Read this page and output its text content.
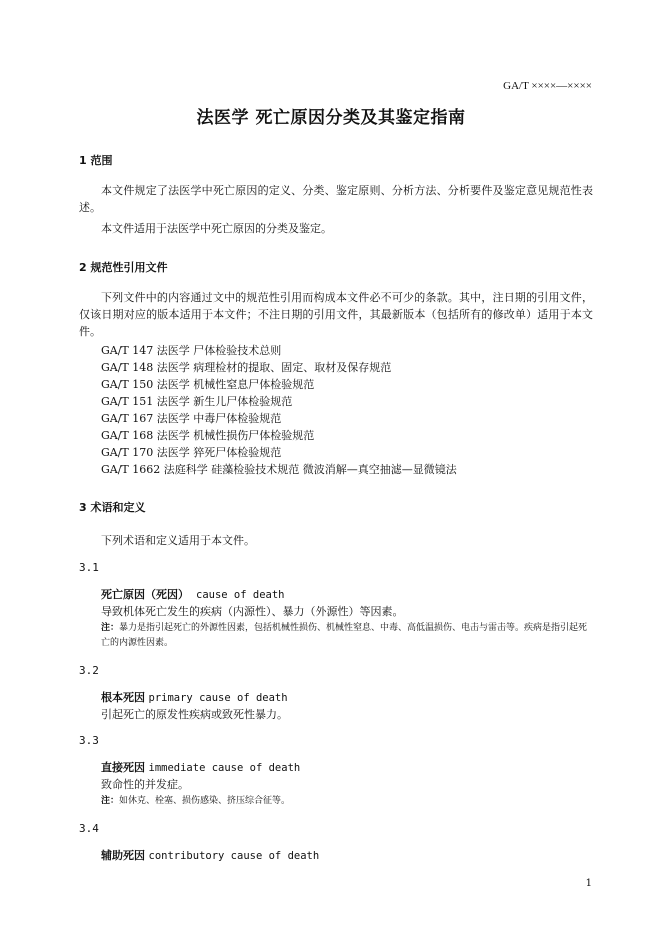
GA/T ××××—××××
法医学 死亡原因分类及其鉴定指南
1 范围
本文件规定了法医学中死亡原因的定义、分类、鉴定原则、分析方法、分析要件及鉴定意见规范性表述。
本文件适用于法医学中死亡原因的分类及鉴定。
2 规范性引用文件
下列文件中的内容通过文中的规范性引用而构成本文件必不可少的条款。其中，注日期的引用文件，仅该日期对应的版本适用于本文件；不注日期的引用文件，其最新版本（包括所有的修改单）适用于本文件。
GA/T 147 法医学 尸体检验技术总则
GA/T 148 法医学 病理检材的提取、固定、取材及保存规范
GA/T 150 法医学 机械性窒息尸体检验规范
GA/T 151 法医学 新生儿尸体检验规范
GA/T 167 法医学 中毒尸体检验规范
GA/T 168 法医学 机械性损伤尸体检验规范
GA/T 170 法医学 猝死尸体检验规范
GA/T 1662 法庭科学 硅藻检验技术规范 微波消解—真空抽滤—显微镜法
3 术语和定义
下列术语和定义适用于本文件。
3.1
死亡原因（死因） cause of death
导致机体死亡发生的疾病（内源性）、暴力（外源性）等因素。
注：暴力是指引起死亡的外源性因素，包括机械性损伤、机械性窒息、中毒、高低温损伤、电击与雷击等。疾病是指引起死亡的内源性因素。
3.2
根本死因 primary cause of death
引起死亡的原发性疾病或致死性暴力。
3.3
直接死因 immediate cause of death
致命性的并发症。
注：如休克、栓塞、损伤感染、挤压综合征等。
3.4
辅助死因 contributory cause of death
1
